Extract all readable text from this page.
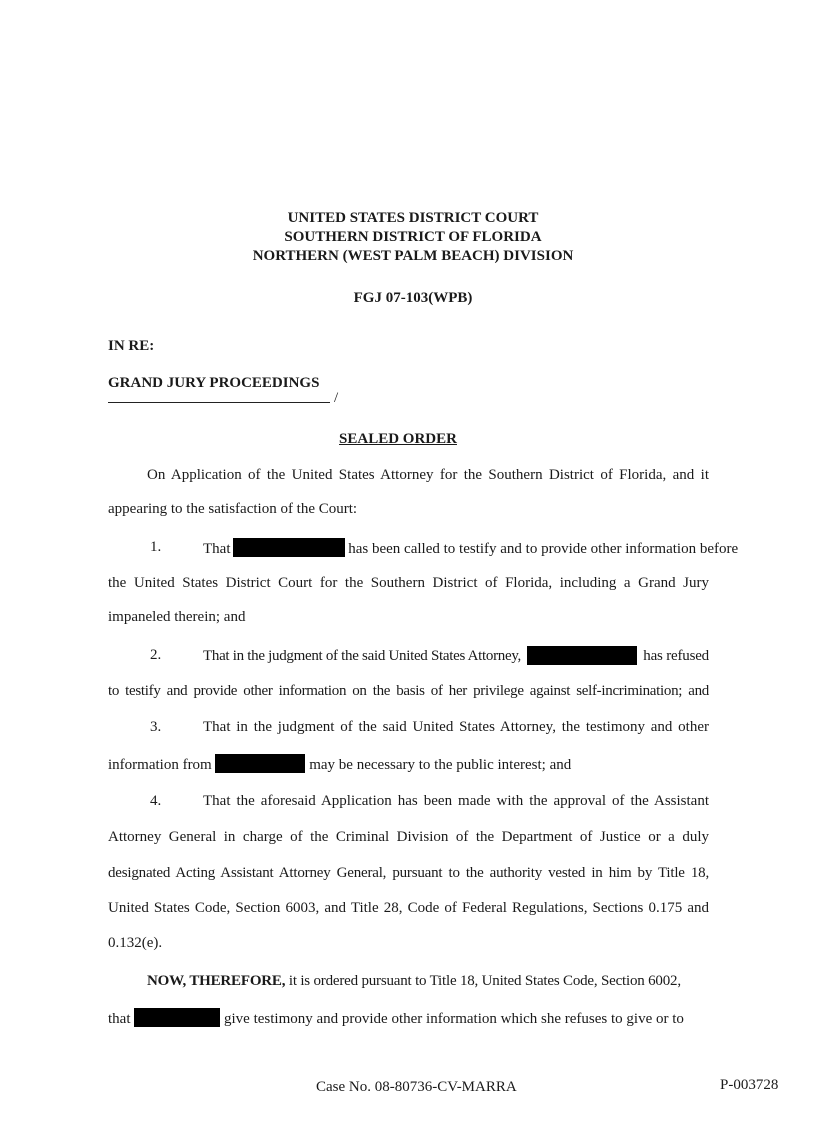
UNITED STATES DISTRICT COURT
SOUTHERN DISTRICT OF FLORIDA
NORTHERN (WEST PALM BEACH) DIVISION
FGJ 07-103(WPB)
IN RE:
GRAND JURY PROCEEDINGS
/
SEALED ORDER
On Application of the United States Attorney for the Southern District of Florida, and it
appearing to the satisfaction of the Court:
1.	That	has been called to testify and to provide other information before
the United States District Court for the Southern District of Florida, including a Grand Jury
impaneled therein; and
2.	That in the judgment of the said United States Attorney,	has refused
to testify and provide other information on the basis of her privilege against self-incrimination; and
3.	That in the judgment of the said United States Attorney, the testimony and other
information from	may be necessary to the public interest; and
4.	That the aforesaid Application has been made with the approval of the Assistant
Attorney General in charge of the Criminal Division of the Department of Justice or a duly
designated Acting Assistant Attorney General, pursuant to the authority vested in him by Title 18,
United States Code, Section 6003, and Title 28, Code of Federal Regulations, Sections 0.175 and
0.132(e).
NOW, THEREFORE, it is ordered pursuant to Title 18, United States Code, Section 6002,
that	give testimony and provide other information which she refuses to give or to
Case No. 08-80736-CV-MARRA	P-003728
